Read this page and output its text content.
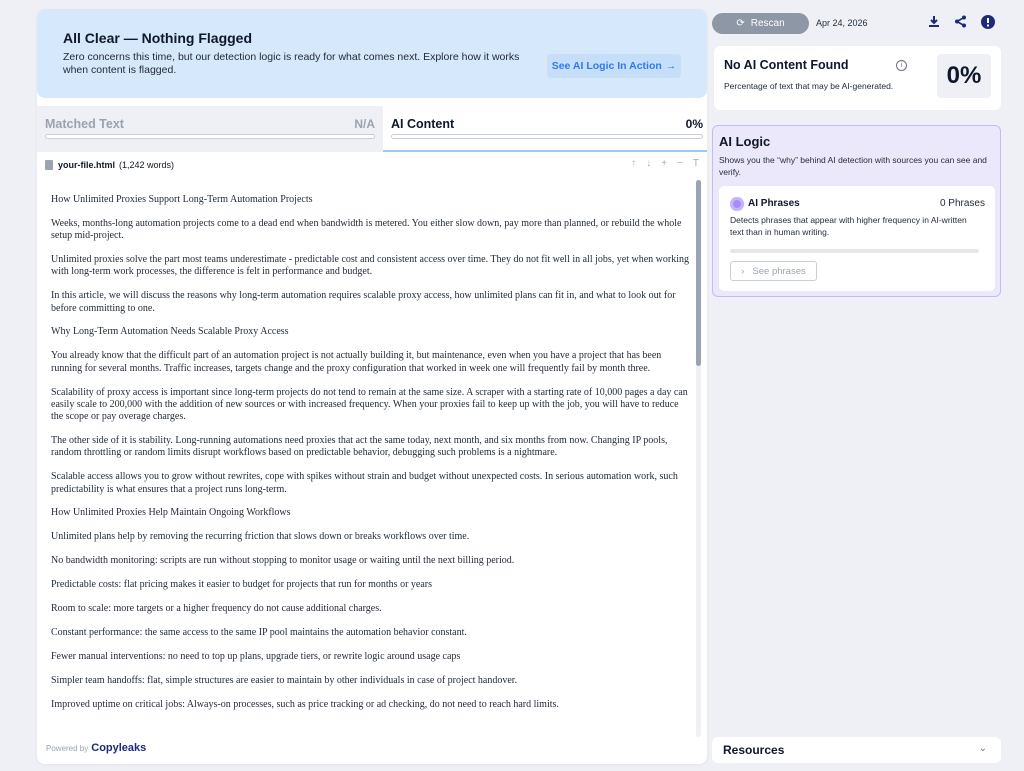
All Clear — Nothing Flagged
Zero concerns this time, but our detection logic is ready for what comes next. Explore how it works when content is flagged.	See AI Logic In Action →
Matched Text	N/A AI Content	0%
your-file.html (1,242 words)	↑ ↓ + − T

How Unlimited Proxies Support Long-Term Automation Projects

Weeks, months-long automation projects come to a dead end when bandwidth is metered. You either slow down, pay more than planned, or rebuild the whole setup mid-project.

Unlimited proxies solve the part most teams underestimate - predictable cost and consistent access over time. They do not fit well in all jobs, yet when working with long-term work processes, the difference is felt in performance and budget.

In this article, we will discuss the reasons why long-term automation requires scalable proxy access, how unlimited plans can fit in, and what to look out for before committing to one.

Why Long-Term Automation Needs Scalable Proxy Access

You already know that the difficult part of an automation project is not actually building it, but maintenance, even when you have a project that has been running for several months. Traffic increases, targets change and the proxy configuration that worked in week one will frequently fail by month three.

Scalability of proxy access is important since long-term projects do not tend to remain at the same size. A scraper with a starting rate of 10,000 pages a day can easily scale to 200,000 with the addition of new sources or with increased frequency. When your proxies fail to keep up with the job, you will have to reduce the scope or pay overage charges.

The other side of it is stability. Long-running automations need proxies that act the same today, next month, and six months from now. Changing IP pools, random throttling or random limits disrupt workflows based on predictable behavior, debugging such problems is a nightmare.

Scalable access allows you to grow without rewrites, cope with spikes without strain and budget without unexpected costs. In serious automation work, such predictability is what ensures that a project runs long-term.

How Unlimited Proxies Help Maintain Ongoing Workflows

Unlimited plans help by removing the recurring friction that slows down or breaks workflows over time.

No bandwidth monitoring: scripts are run without stopping to monitor usage or waiting until the next billing period.

Predictable costs: flat pricing makes it easier to budget for projects that run for months or years

Room to scale: more targets or a higher frequency do not cause additional charges.

Constant performance: the same access to the same IP pool maintains the automation behavior constant.

Fewer manual interventions: no need to top up plans, upgrade tiers, or rewrite logic around usage caps

Simpler team handoffs: flat, simple structures are easier to maintain by other individuals in case of project handover.

Improved uptime on critical jobs: Always-on processes, such as price tracking or ad checking, do not need to reach hard limits.

Powered by Copyleaks
⟳ Rescan	Apr 24, 2026
No AI Content Found	i
Percentage of text that may be AI-generated.	0%
AI Logic
Shows you the “why” behind AI detection with sources you can see and verify.
AI Phrases	0 Phrases
Detects phrases that appear with higher frequency in AI-written text than in human writing.
› See phrases
Resources	⌄
